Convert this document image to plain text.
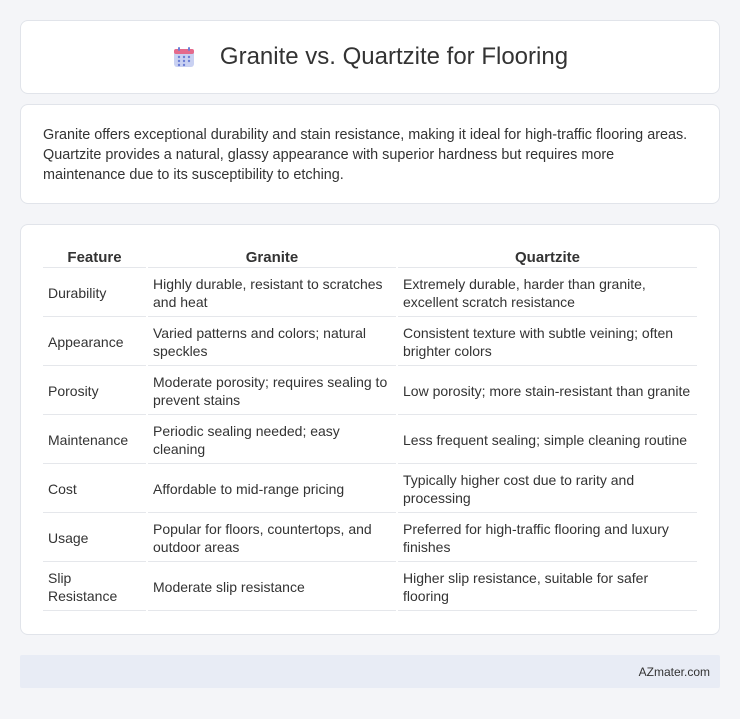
Granite vs. Quartzite for Flooring

Granite offers exceptional durability and stain resistance, making it ideal for high-traffic flooring areas. Quartzite provides a natural, glassy appearance with superior hardness but requires more maintenance due to its susceptibility to etching.

Feature	Granite	Quartzite
Durability	Highly durable, resistant to scratches and heat	Extremely durable, harder than granite, excellent scratch resistance
Appearance	Varied patterns and colors; natural speckles	Consistent texture with subtle veining; often brighter colors
Porosity	Moderate porosity; requires sealing to prevent stains	Low porosity; more stain-resistant than granite
Maintenance	Periodic sealing needed; easy cleaning	Less frequent sealing; simple cleaning routine
Cost	Affordable to mid-range pricing	Typically higher cost due to rarity and processing
Usage	Popular for floors, countertops, and outdoor areas	Preferred for high-traffic flooring and luxury finishes
Slip Resistance	Moderate slip resistance	Higher slip resistance, suitable for safer flooring
AZmater.com
